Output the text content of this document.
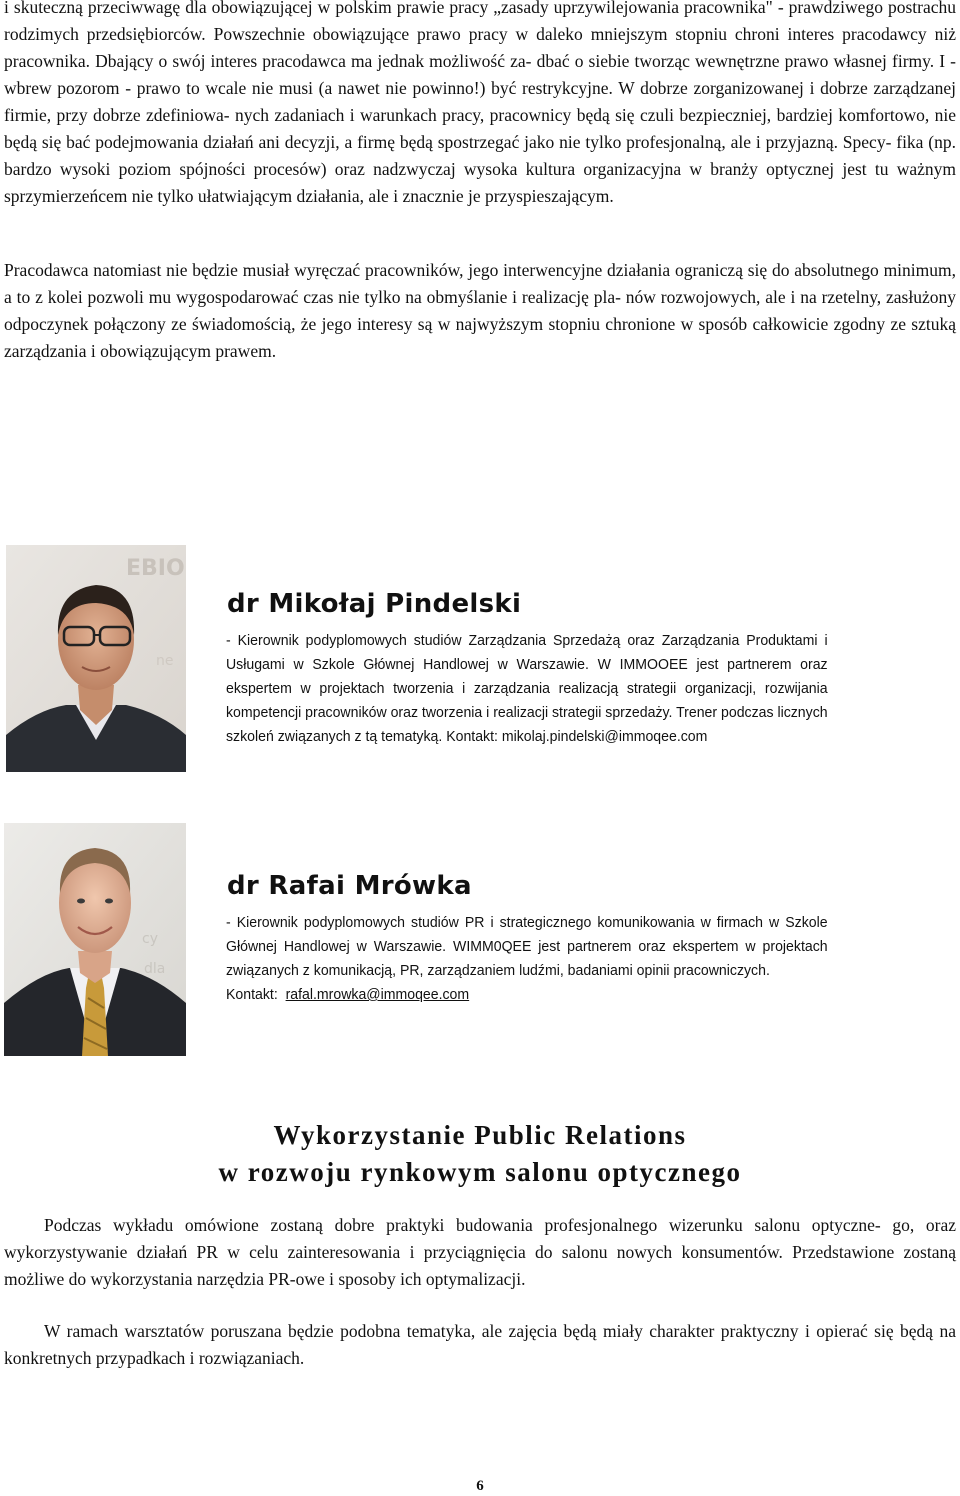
i skuteczną przeciwwagę dla obowiązującej w polskim prawie pracy „zasady uprzywilejowania pracownika" - prawdziwego postrachu rodzimych przedsiębiorców. Powszechnie obowiązujące prawo pracy w daleko mniejszym stopniu chroni interes pracodawcy niż pracownika. Dbający o swój interes pracodawca ma jednak możliwość za- dbać o siebie tworząc wewnętrzne prawo własnej firmy. I - wbrew pozorom - prawo to wcale nie musi (a nawet nie powinno!) być restrykcyjne. W dobrze zorganizowanej i dobrze zarządzanej firmie, przy dobrze zdefiniowa- nych zadaniach i warunkach pracy, pracownicy będą się czuli bezpieczniej, bardziej komfortowo, nie będą się bać podejmowania działań ani decyzji, a firmę będą spostrzegać jako nie tylko profesjonalną, ale i przyjazną. Specy- fika (np. bardzo wysoki poziom spójności procesów) oraz nadzwyczaj wysoka kultura organizacyjna w branży optycznej jest tu ważnym sprzymierzeńcem nie tylko ułatwiającym działania, ale i znacznie je przyspieszającym.

Pracodawca natomiast nie będzie musiał wyręczać pracowników, jego interwencyjne działania ograniczą się do absolutnego minimum, a to z kolei pozwoli mu wygospodarować czas nie tylko na obmyślanie i realizację pla- nów rozwojowych, ale i na rzetelny, zasłużony odpoczynek połączony ze świadomością, że jego interesy są w najwyższym stopniu chronione w sposób całkowicie zgodny ze sztuką zarządzania i obowiązującym prawem.

EBIO
ne
dr Mikołaj Pindelski

- Kierownik podyplomowych studiów Zarządzania Sprzedażą oraz Zarządzania Produktami i Usługami w Szkole Głównej Handlowej w Warszawie. W IMMOOEE jest partnerem oraz ekspertem w projektach tworzenia i zarządzania realizacją strategii organizacji, rozwijania kompetencji pracowników oraz tworzenia i realizacji strategii sprzedaży. Trener podczas licznych szkoleń związanych z tą tematyką. Kontakt: mikolaj.pindelski@immoqee.com

cy
dla
dr Rafai Mrówka

- Kierownik podyplomowych studiów PR i strategicznego komunikowania w firmach w Szkole Głównej Handlowej w Warszawie. WIMM0QEE jest partnerem oraz ekspertem w projektach związanych z komunikacją, PR, zarządzaniem ludźmi, badaniami opinii pracowniczych.
Kontakt: rafal.mrowka@immoqee.com

Wykorzystanie Public Relations
w rozwoju rynkowym salonu optycznego

Podczas wykładu omówione zostaną dobre praktyki budowania profesjonalnego wizerunku salonu optyczne- go, oraz wykorzystywanie działań PR w celu zainteresowania i przyciągnięcia do salonu nowych konsumentów. Przedstawione zostaną możliwe do wykorzystania narzędzia PR-owe i sposoby ich optymalizacji.

W ramach warsztatów poruszana będzie podobna tematyka, ale zajęcia będą miały charakter praktyczny i opierać się będą na konkretnych przypadkach i rozwiązaniach.

6
